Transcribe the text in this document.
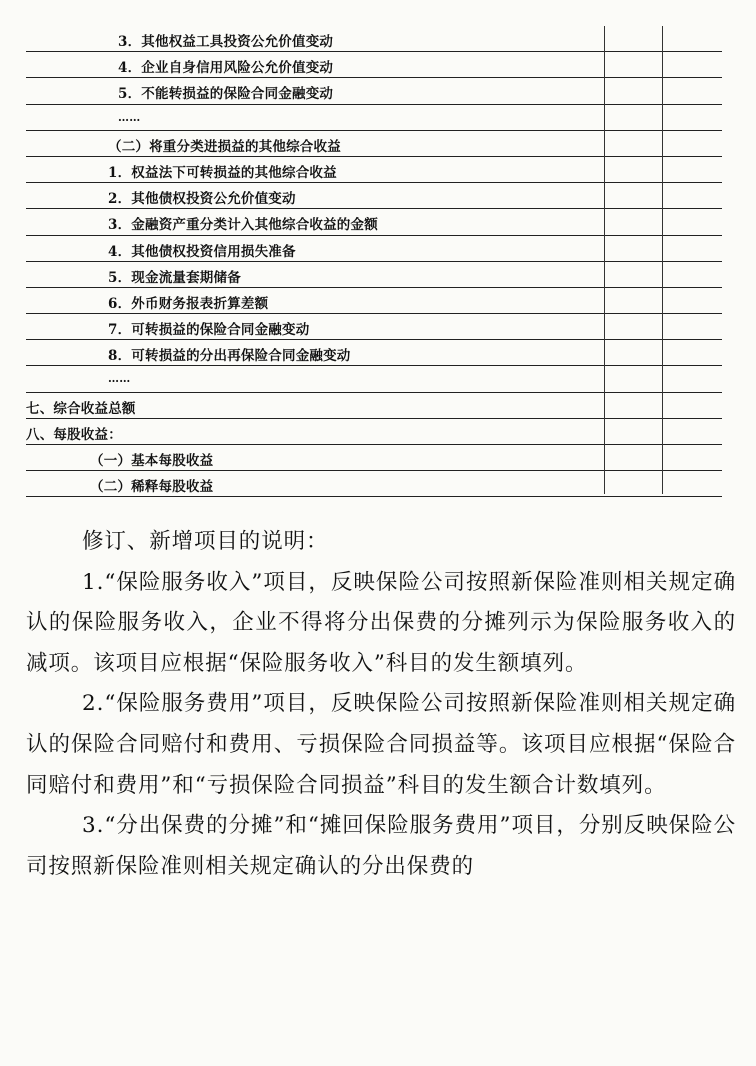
3．其他权益工具投资公允价值变动
4．企业自身信用风险公允价值变动
5．不能转损益的保险合同金融变动
……
（二）将重分类进损益的其他综合收益
1．权益法下可转损益的其他综合收益
2．其他债权投资公允价值变动
3．金融资产重分类计入其他综合收益的金额
4．其他债权投资信用损失准备
5．现金流量套期储备
6．外币财务报表折算差额
7．可转损益的保险合同金融变动
8．可转损益的分出再保险合同金融变动
……
七、综合收益总额
八、每股收益：
（一）基本每股收益
（二）稀释每股收益

修订、新增项目的说明：

1.“保险服务收入”项目，反映保险公司按照新保险准则相关规定确认的保险服务收入，企业不得将分出保费的分摊列示为保险服务收入的减项。该项目应根据“保险服务收入”科目的发生额填列。

2.“保险服务费用”项目，反映保险公司按照新保险准则相关规定确认的保险合同赔付和费用、亏损保险合同损益等。该项目应根据“保险合同赔付和费用”和“亏损保险合同损益”科目的发生额合计数填列。

3.“分出保费的分摊”和“摊回保险服务费用”项目，分别反映保险公司按照新保险准则相关规定确认的分出保费的
